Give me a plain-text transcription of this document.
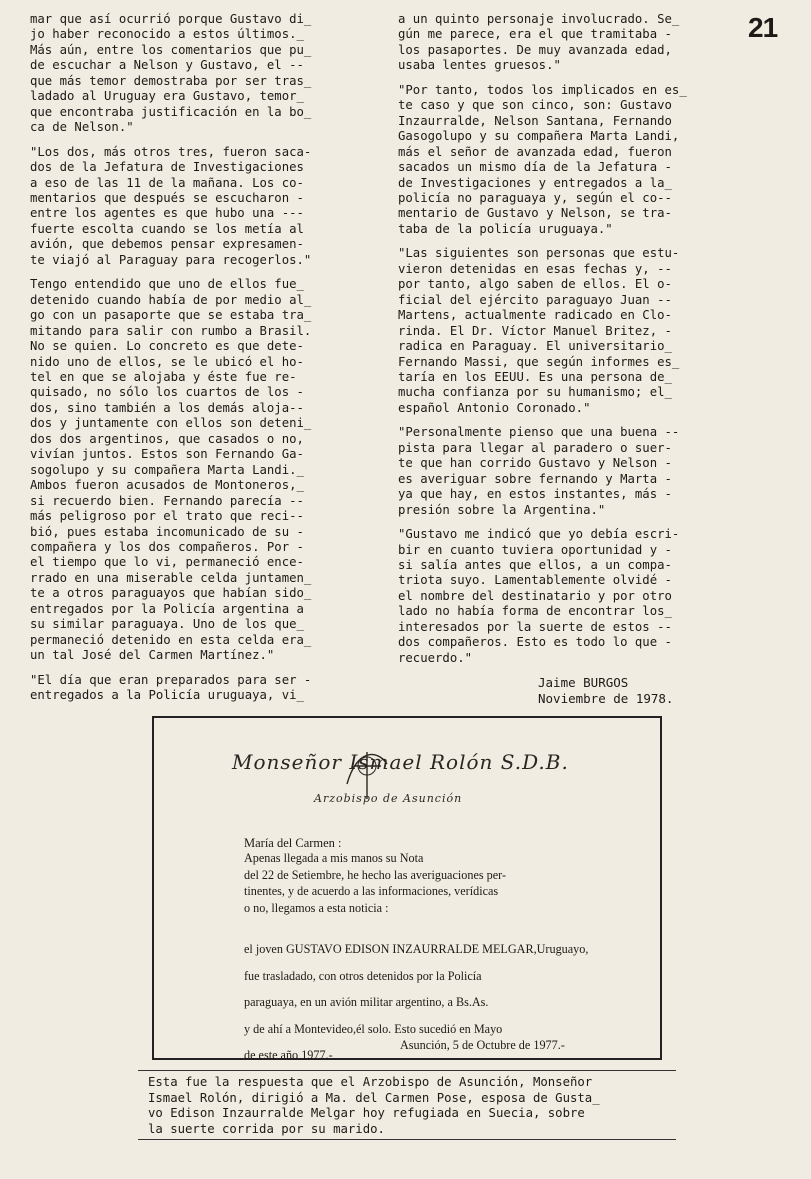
21

mar que así ocurrió porque Gustavo di_
jo haber reconocido a estos últimos._
Más aún, entre los comentarios que pu_
de escuchar a Nelson y Gustavo, el --
que más temor demostraba por ser tras_
ladado al Uruguay era Gustavo, temor_
que encontraba justificación en la bo_
ca de Nelson."

"Los dos, más otros tres, fueron saca-
dos de la Jefatura de Investigaciones
a eso de las 11 de la mañana. Los co-
mentarios que después se escucharon -
entre los agentes es que hubo una ---
fuerte escolta cuando se los metía al
avión, que debemos pensar expresamen-
te viajó al Paraguay para recogerlos."

Tengo entendido que uno de ellos fue_
detenido cuando había de por medio al_
go con un pasaporte que se estaba tra_
mitando para salir con rumbo a Brasil.
No se quien. Lo concreto es que dete-
nido uno de ellos, se le ubicó el ho-
tel en que se alojaba y éste fue re-
quisado, no sólo los cuartos de los -
dos, sino también a los demás aloja--
dos y juntamente con ellos son deteni_
dos dos argentinos, que casados o no,
vivían juntos. Estos son Fernando Ga-
sogolupo y su compañera Marta Landi._
Ambos fueron acusados de Montoneros,_
si recuerdo bien. Fernando parecía --
más peligroso por el trato que reci--
bió, pues estaba incomunicado de su -
compañera y los dos compañeros. Por -
el tiempo que lo vi, permaneció ence-
rrado en una miserable celda juntamen_
te a otros paraguayos que habían sido_
entregados por la Policía argentina a
su similar paraguaya. Uno de los que_
permaneció detenido en esta celda era_
un tal José del Carmen Martínez."

"El día que eran preparados para ser -
entregados a la Policía uruguaya, vi_

a un quinto personaje involucrado. Se_
gún me parece, era el que tramitaba -
los pasaportes. De muy avanzada edad,
usaba lentes gruesos."

"Por tanto, todos los implicados en es_
te caso y que son cinco, son: Gustavo
Inzaurralde, Nelson Santana, Fernando
Gasogolupo y su compañera Marta Landi,
más el señor de avanzada edad, fueron
sacados un mismo día de la Jefatura -
de Investigaciones y entregados a la_
policía no paraguaya y, según el co--
mentario de Gustavo y Nelson, se tra-
taba de la policía uruguaya."

"Las siguientes son personas que estu-
vieron detenidas en esas fechas y, --
por tanto, algo saben de ellos. El o-
ficial del ejército paraguayo Juan --
Martens, actualmente radicado en Clo-
rinda. El Dr. Víctor Manuel Britez, -
radica en Paraguay. El universitario_
Fernando Massi, que según informes es_
taría en los EEUU. Es una persona de_
mucha confianza por su humanismo; el_
español Antonio Coronado."

"Personalmente pienso que una buena --
pista para llegar al paradero o suer-
te que han corrido Gustavo y Nelson -
es averiguar sobre fernando y Marta -
ya que hay, en estos instantes, más -
presión sobre la Argentina."

"Gustavo me indicó que yo debía escri-
bir en cuanto tuviera oportunidad y -
si salía antes que ellos, a un compa-
triota suyo. Lamentablemente olvidé -
el nombre del destinatario y por otro
lado no había forma de encontrar los_
interesados por la suerte de estos --
dos compañeros. Esto es todo lo que -
recuerdo."

Jaime BURGOS
Noviembre de 1978.
Monseñor Ismael Rolón S.D.B.
Arzobispo de Asunción
María del Carmen :
Apenas llegada a mis manos su Nota
del 22 de Setiembre, he hecho las averiguaciones per-
tinentes, y de acuerdo a las informaciones, verídicas
o no, llegamos a esta noticia :
el joven GUSTAVO EDISON INZAURRALDE MELGAR,Uruguayo,
fue trasladado, con otros detenidos por la Policía
paraguaya, en un avión militar argentino, a Bs.As.
y de ahí a Montevideo,él solo. Esto sucedió en Mayo
de este año 1977.-
Asunción, 5 de Octubre de 1977.-

Esta fue la respuesta que el Arzobispo de Asunción, Monseñor
Ismael Rolón, dirigió a Ma. del Carmen Pose, esposa de Gusta_
vo Edison Inzaurralde Melgar hoy refugiada en Suecia, sobre
la suerte corrida por su marido.
